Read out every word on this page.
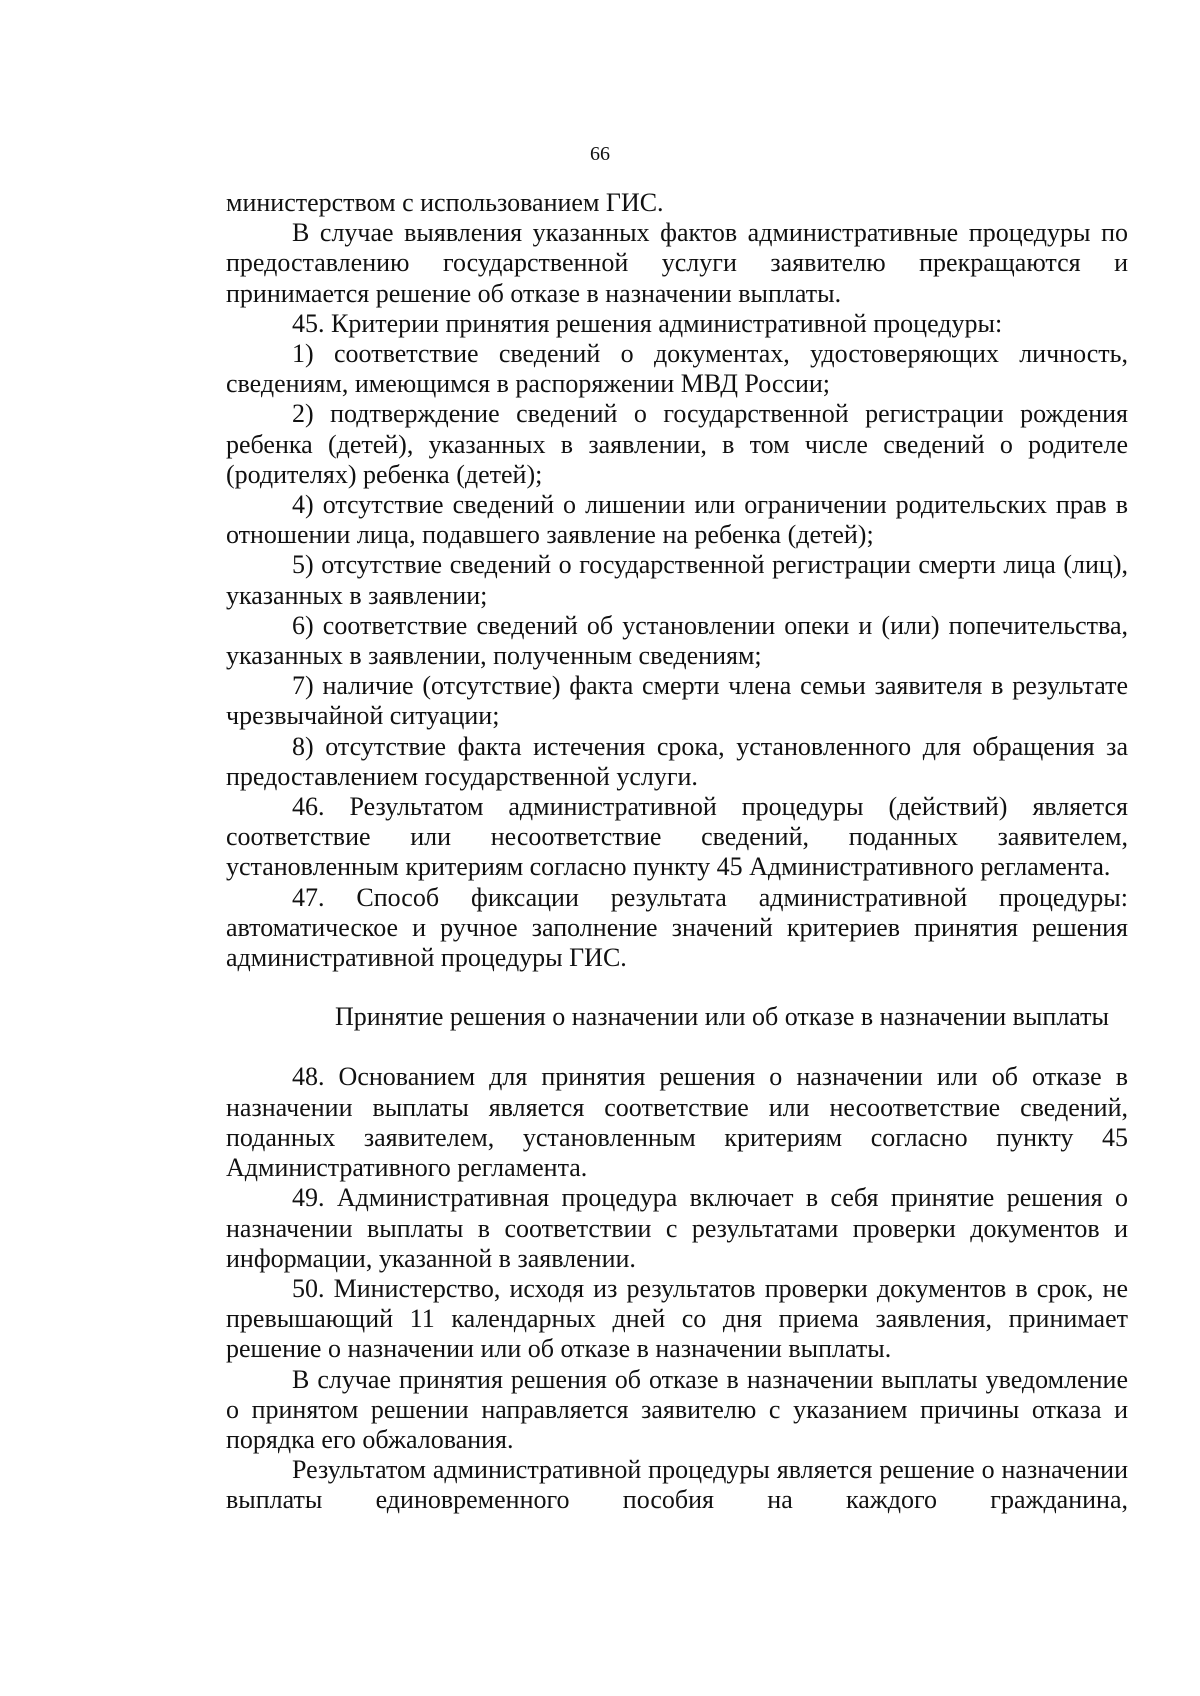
66

министерством с использованием ГИС.

В случае выявления указанных фактов административные процедуры по предоставлению государственной услуги заявителю прекращаются и принимается решение об отказе в назначении выплаты.

45. Критерии принятия решения административной процедуры:

1) соответствие сведений о документах, удостоверяющих личность, сведениям, имеющимся в распоряжении МВД России;

2) подтверждение сведений о государственной регистрации рождения ребенка (детей), указанных в заявлении, в том числе сведений о родителе (родителях) ребенка (детей);

4) отсутствие сведений о лишении или ограничении родительских прав в отношении лица, подавшего заявление на ребенка (детей);

5) отсутствие сведений о государственной регистрации смерти лица (лиц), указанных в заявлении;

6) соответствие сведений об установлении опеки и (или) попечительства, указанных в заявлении, полученным сведениям;

7) наличие (отсутствие) факта смерти члена семьи заявителя в результате чрезвычайной ситуации;

8) отсутствие факта истечения срока, установленного для обращения за предоставлением государственной услуги.

46. Результатом административной процедуры (действий) является соответствие или несоответствие сведений, поданных заявителем, установленным критериям согласно пункту 45 Административного регламента.

47. Способ фиксации результата административной процедуры: автоматическое и ручное заполнение значений критериев принятия решения административной процедуры ГИС.

Принятие решения о назначении или об отказе в назначении выплаты

48. Основанием для принятия решения о назначении или об отказе в назначении выплаты является соответствие или несоответствие сведений, поданных заявителем, установленным критериям согласно пункту 45 Административного регламента.

49. Административная процедура включает в себя принятие решения о назначении выплаты в соответствии с результатами проверки документов и информации, указанной в заявлении.

50. Министерство, исходя из результатов проверки документов в срок, не превышающий 11 календарных дней со дня приема заявления, принимает решение о назначении или об отказе в назначении выплаты.

В случае принятия решения об отказе в назначении выплаты уведомление о принятом решении направляется заявителю с указанием причины отказа и порядка его обжалования.

Результатом административной процедуры является решение о назначении выплаты единовременного пособия на каждого гражданина,
